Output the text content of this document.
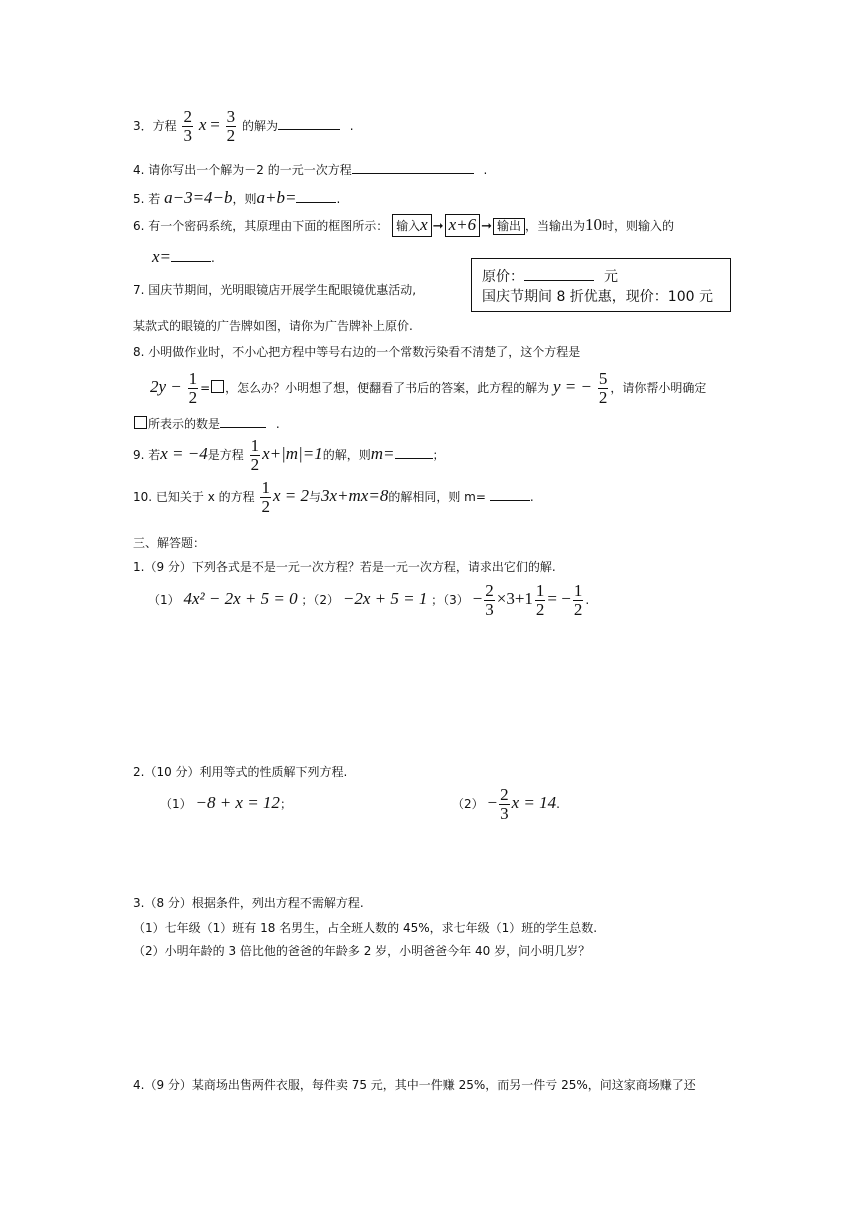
3．方程 $\frac{2}{3}$ $x = \frac{3}{2}$ 的解为	.
4. 请你写出一个解为－2 的一元一次方程	.
5. 若 a−3=4−b，则a+b=	.
6. 有一个密码系统，其原理由下面的框图所示： 输入x ➞ x+6 ➞ 输出 ，当输出为10时，则输入的
x=	.
7. 国庆节期间，光明眼镜店开展学生配眼镜优惠活动,
原价：	元
国庆节期间 8 折优惠，现价：100 元
某款式的眼镜的广告牌如图，请你为广告牌补上原价.
8. 小明做作业时，不小心把方程中等号右边的一个常数污染看不清楚了，这个方程是
$2y - \frac{1}{2}$ = ，怎么办？小明想了想，便翻看了书后的答案，此方程的解为 y = − $\frac{5}{2}$ ，请你帮小明确定
所表示的数是	.
9. 若x = −4是方程 $\frac{1}{2} x+|m|=1$的解，则m=	；
10. 已知关于 x 的方程 $\frac{1}{2}$ x = 2与3x+mx=8的解相同，则 m=	.
三、解答题：
1.（9 分）下列各式是不是一元一次方程？若是一元一次方程，请求出它们的解.
（1） 4x² − 2x + 5 = 0 ；（2） −2x + 5 = 1 ；$(3) - \frac{2}{3} \times 3+1 \frac{1}{2}$ = − $\frac{1}{2}$ .
2.（10 分）利用等式的性质解下列方程.
（1） −8 + x = 12；	$(2) - \frac{2}{3}$ x = 14.
3.（8 分）根据条件，列出方程不需解方程.
（1）七年级（1）班有 18 名男生，占全班人数的 45%，求七年级（1）班的学生总数.
（2）小明年龄的 3 倍比他的爸爸的年龄多 2 岁，小明爸爸今年 40 岁，问小明几岁？
4.（9 分）某商场出售两件衣服，每件卖 75 元，其中一件赚 25%，而另一件亏 25%，问这家商场赚了还
